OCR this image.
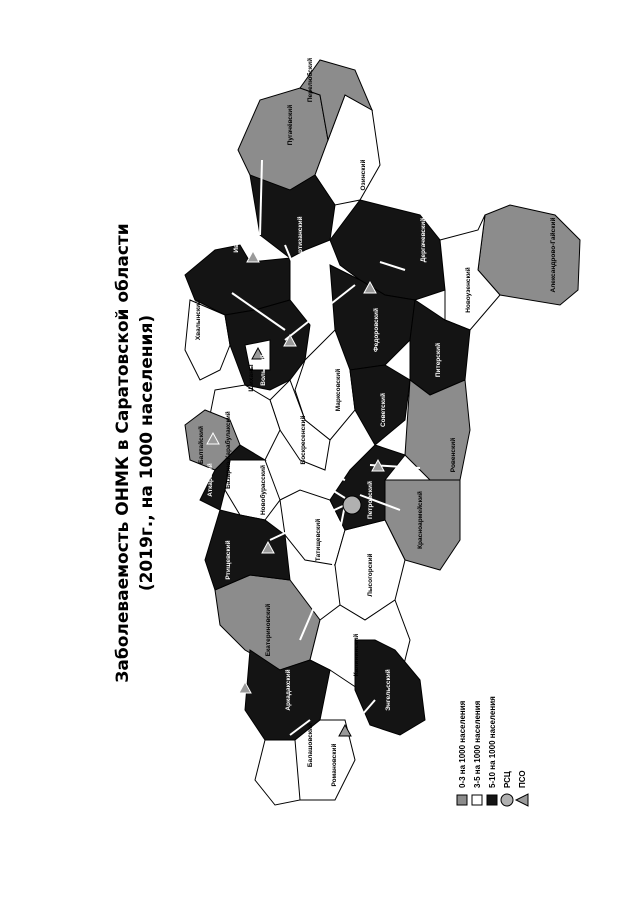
Заболеваемость ОНМК в Саратовской области (2019г., на 1000 населения)
Ивантеевский
Пугачёвский
Озинский
Краснопартизанский
Перелюбский
Дергачевский	Александрово-Гайский
Новоузенский
Хвалынский
Вольский
Шиханы
Федоровский
Питерский
Марксовский	Советский
Воскресенский
Базарно-Карабулакский
Балтайский
Новобурасский
Ровенский
Красноармейский
Татищевский
Лысогорский
Екатериновский	Калининский
Аркадакский
Романовский
Балашовский
Ртищевский
Петровский
Аткарский
Энгельсский
0-3 на 1000 населения 3-5 на 1000 населения 5-10 на 1000 населения РСЦ ПСО
